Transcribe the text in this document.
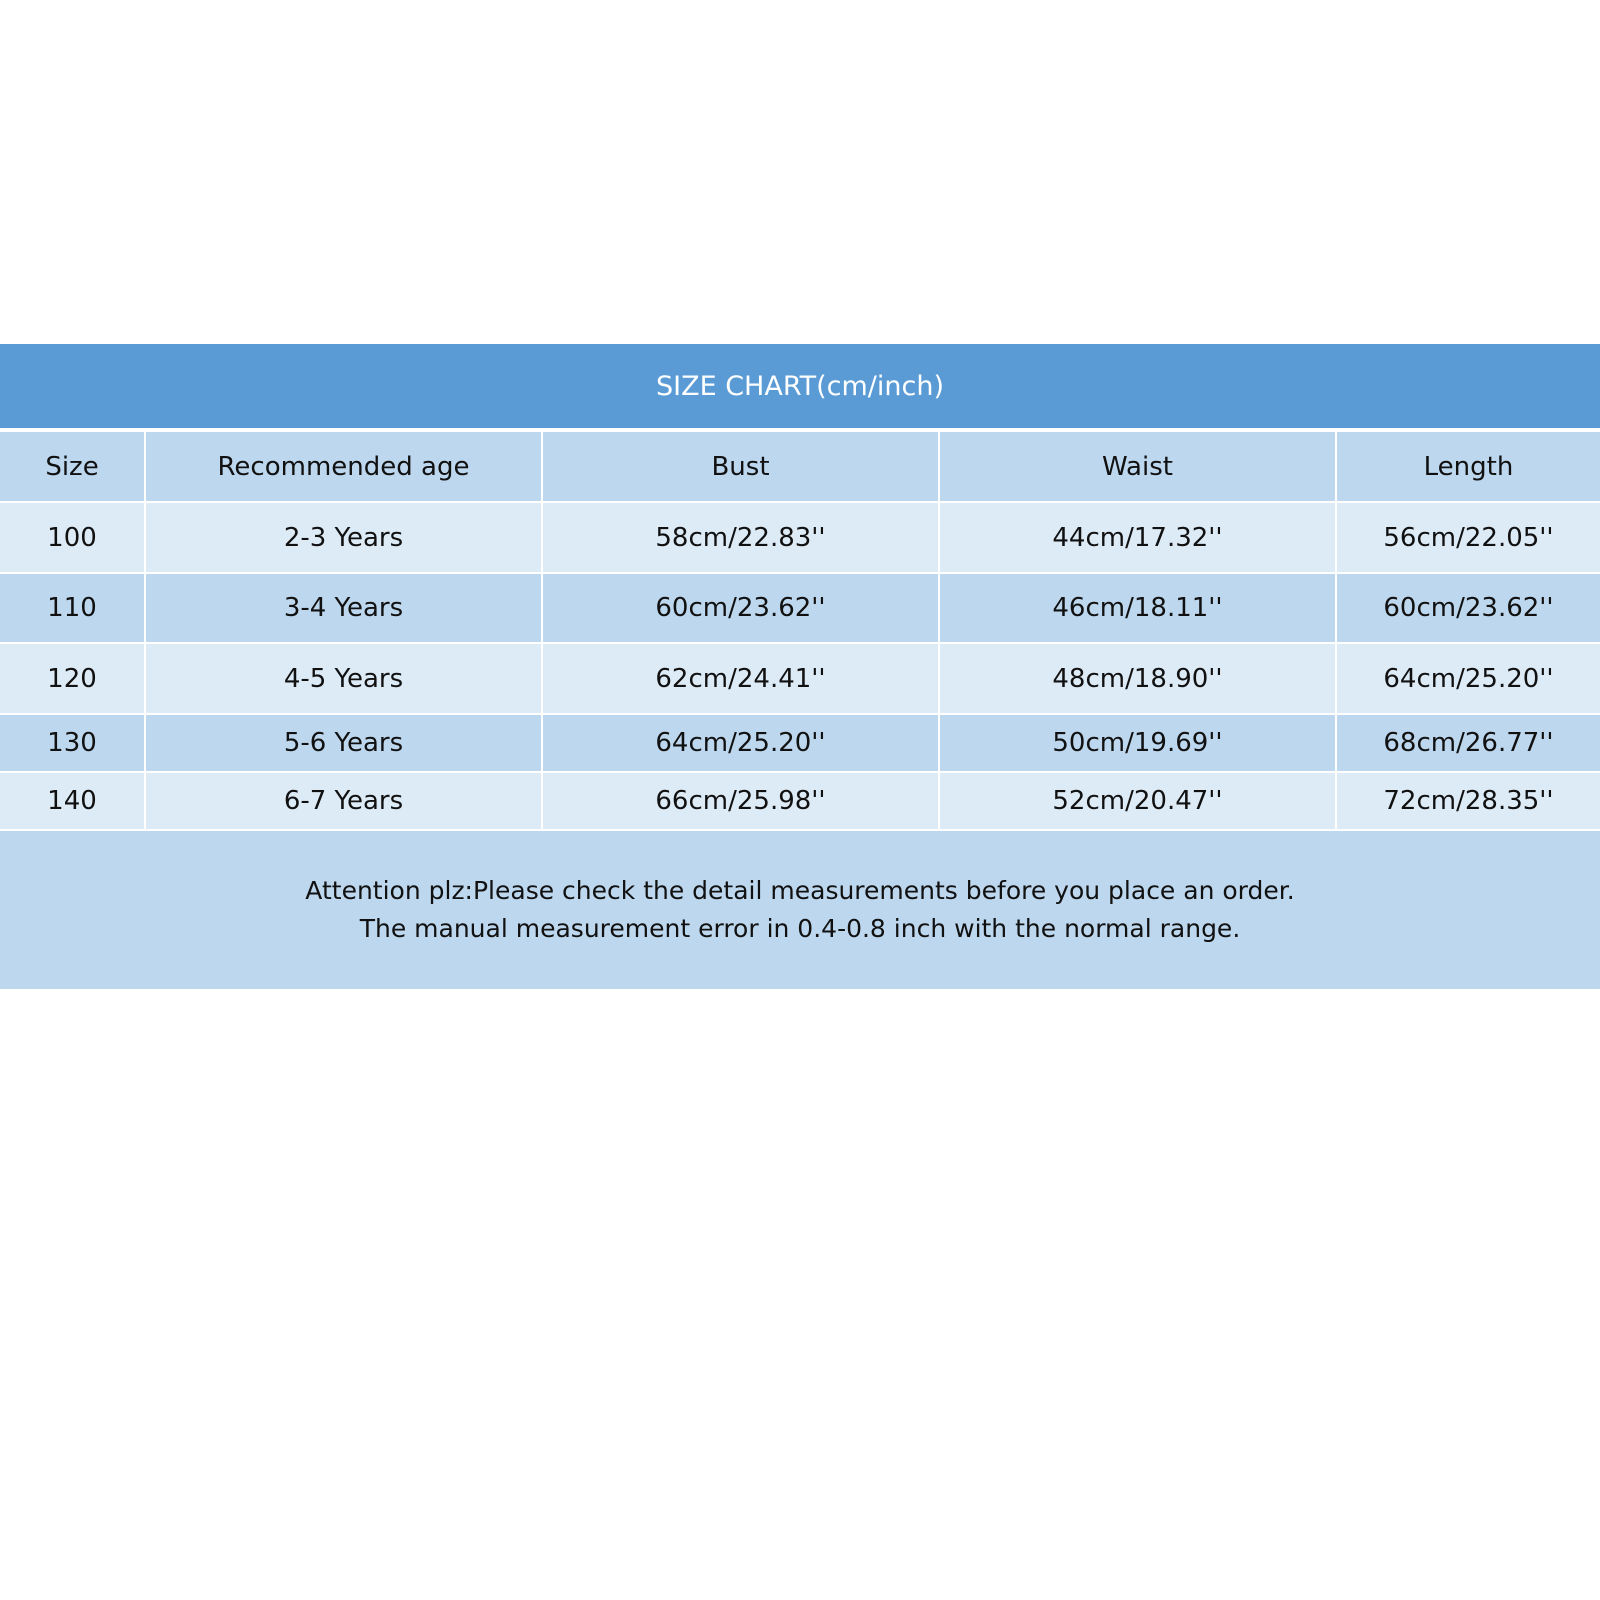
SIZE CHART(cm/inch)
Size	Recommended age	Bust	Waist	Length
100	2-3 Years	58cm/22.83''	44cm/17.32''	56cm/22.05''
110	3-4 Years	60cm/23.62''	46cm/18.11''	60cm/23.62''
120	4-5 Years	62cm/24.41''	48cm/18.90''	64cm/25.20''
130	5-6 Years	64cm/25.20''	50cm/19.69''	68cm/26.77''
140	6-7 Years	66cm/25.98''	52cm/20.47''	72cm/28.35''
Attention plz:Please check the detail measurements before you place an order.
The manual measurement error in 0.4-0.8 inch with the normal range.
